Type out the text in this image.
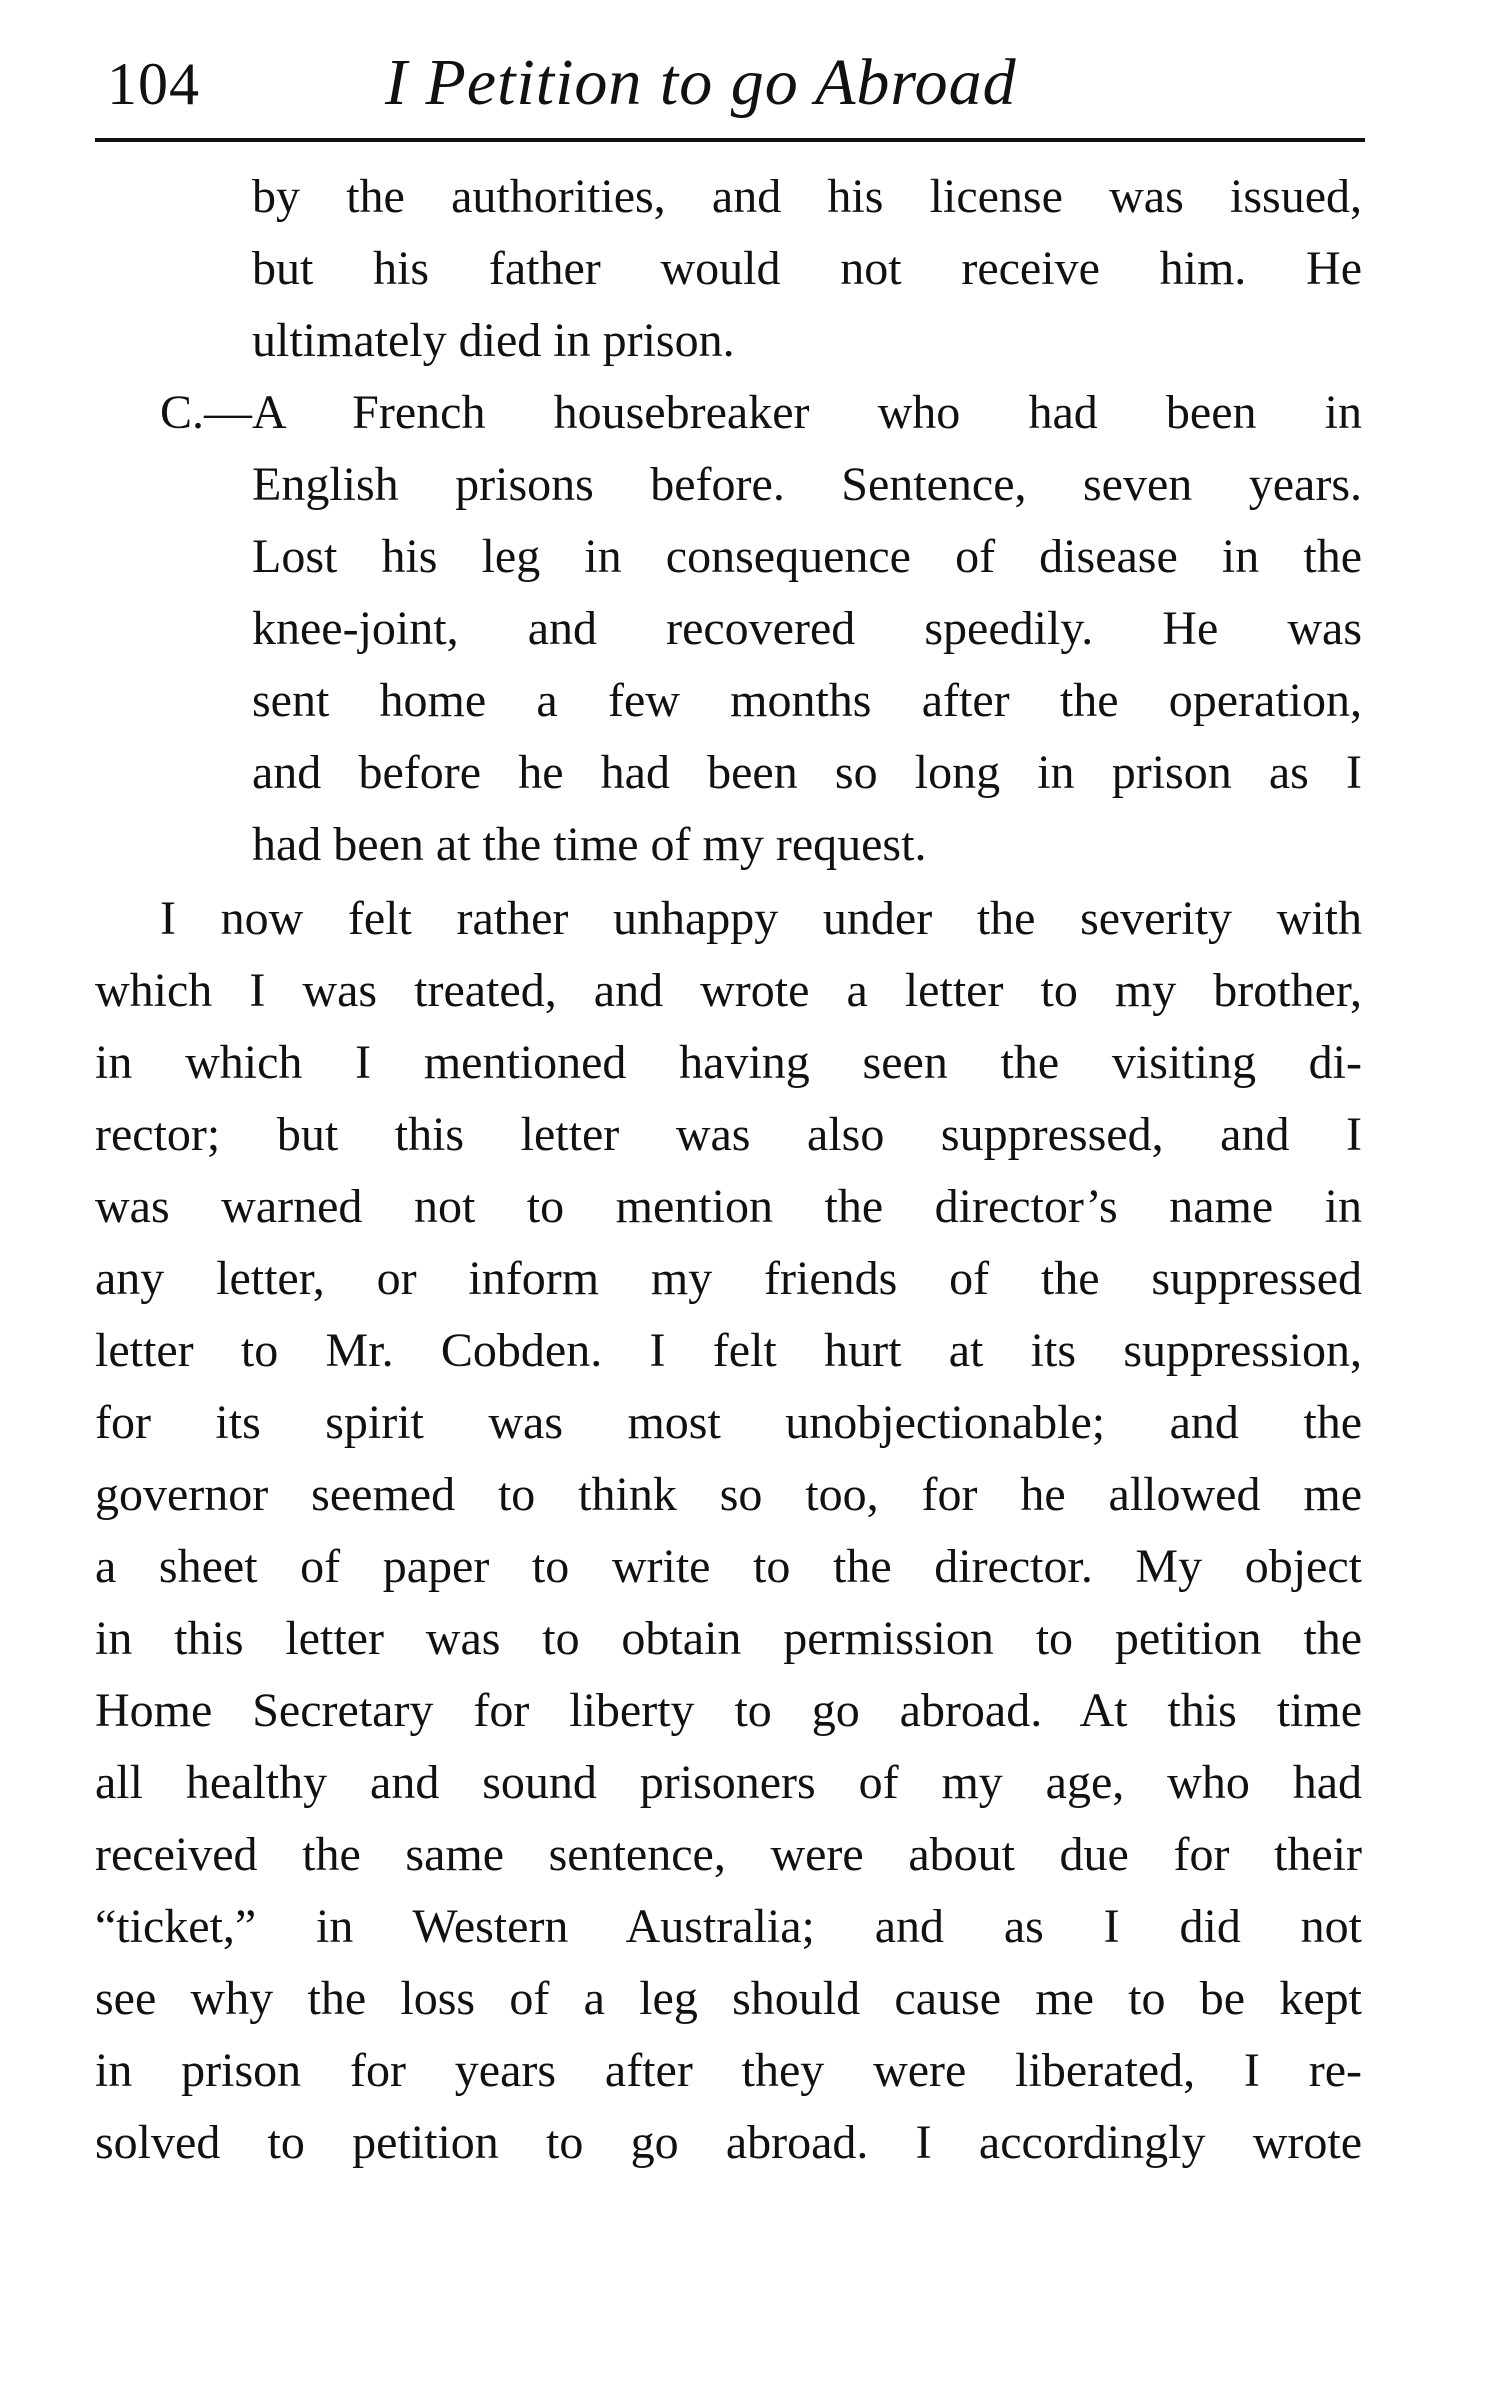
104	I Petition to go Abroad
by the authorities, and his license was issued,
but his father would not receive him. He
ultimately died in prison.
C.—A French housebreaker who had been in
English prisons before. Sentence, seven years.
Lost his leg in consequence of disease in the
knee-joint, and recovered speedily. He was
sent home a few months after the operation,
and before he had been so long in prison as I
had been at the time of my request.
I now felt rather unhappy under the severity with
which I was treated, and wrote a letter to my brother,
in which I mentioned having seen the visiting di-
rector; but this letter was also suppressed, and I
was warned not to mention the director’s name in
any letter, or inform my friends of the suppressed
letter to Mr. Cobden. I felt hurt at its suppression,
for its spirit was most unobjectionable; and the
governor seemed to think so too, for he allowed me
a sheet of paper to write to the director. My object
in this letter was to obtain permission to petition the
Home Secretary for liberty to go abroad. At this time
all healthy and sound prisoners of my age, who had
received the same sentence, were about due for their
“ticket,” in Western Australia; and as I did not
see why the loss of a leg should cause me to be kept
in prison for years after they were liberated, I re-
solved to petition to go abroad. I accordingly wrote
